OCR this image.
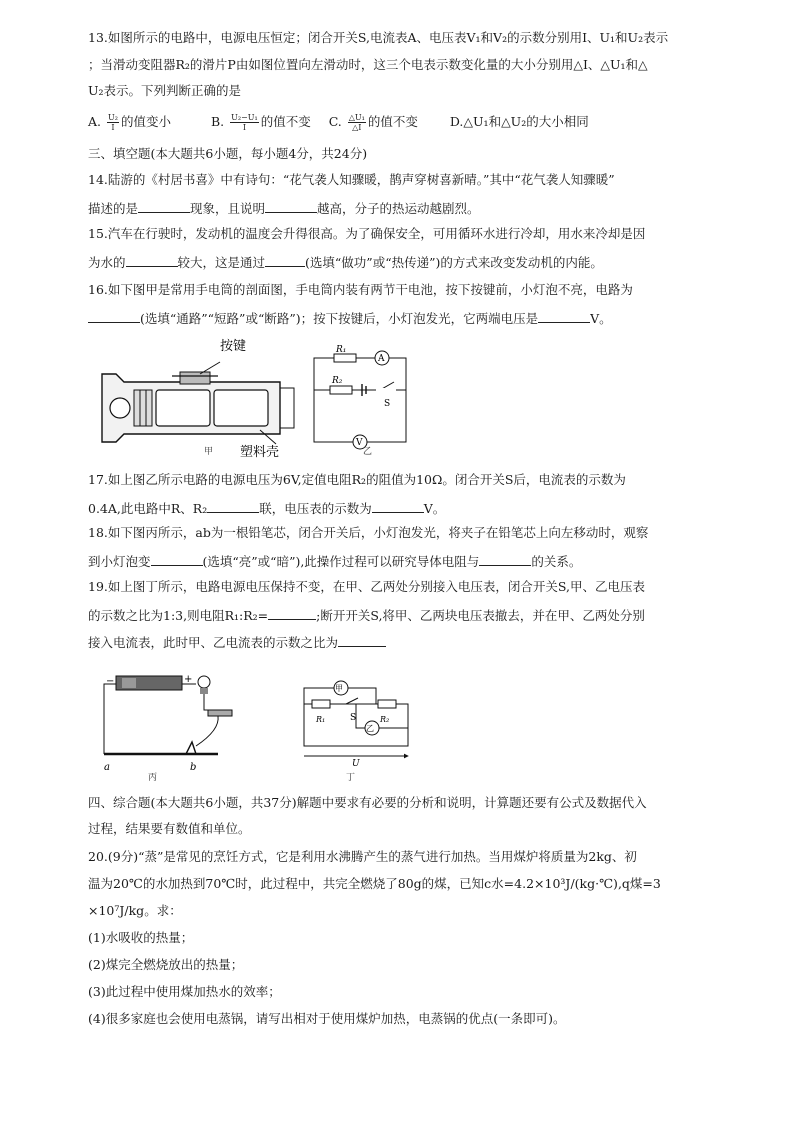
13.如图所示的电路中，电源电压恒定；闭合开关S,电流表A、电压表V₁和V₂的示数分别用I、U₁和U₂表示
；当滑动变阻器R₂的滑片P由如图位置向左滑动时，这三个电表示数变化量的大小分别用△I、△U₁和△
U₂表示。下列判断正确的是
A. $\frac{\text{U₂}}{I}$ 的值变小	B. $\frac{\text{U₂−U₁}}{I}$ 的值不变 C. $\frac{\text{△U₁}}{\triangle I}$ 的值不变	D.△U₁和△U₂的大小相同
三、填空题(本大题共6小题，每小题4分，共24分)
14.陆游的《村居书喜》中有诗句：“花气袭人知骤暖，鹊声穿树喜新晴。”其中“花气袭人知骤暖”
描述的是	现象，且说明	越高，分子的热运动越剧烈。
15.汽车在行驶时，发动机的温度会升得很高。为了确保安全，可用循环水进行冷却，用水来冷却是因
为水的	较大，这是通过	(选填“做功”或“热传递”)的方式来改变发动机的内能。
16.如下图甲是常用手电筒的剖面图，手电筒内装有两节干电池，按下按键前，小灯泡不亮，电路为
(选填“通路”“短路”或“断路”)；按下按键后，小灯泡发光，它两端电压是	V。
按键
塑料壳
R₁
A
R₂
S
V
甲	乙
17.如上图乙所示电路的电源电压为6V,定值电阻R₂的阻值为10Ω。闭合开关S后，电流表的示数为
0.4A,此电路中R、R₂	联，电压表的示数为	V。
18.如下图丙所示，ab为一根铅笔芯，闭合开关后，小灯泡发光，将夹子在铅笔芯上向左移动时，观察
到小灯泡变	(选填“亮”或“暗”),此操作过程可以研究导体电阻与	的关系。
19.如上图丁所示，电路电源电压保持不变，在甲、乙两处分别接入电压表，闭合开关S,甲、乙电压表
的示数之比为1:3,则电阻R₁:R₂=	;断开开关S,将甲、乙两块电压表撤去，并在甲、乙两处分别
接入电流表，此时甲、乙电流表的示数之比为
−	+
a	b
甲
R₁	S	R₂
乙
U
丙	丁
四、综合题(本大题共6小题，共37分)解题中要求有必要的分析和说明，计算题还要有公式及数据代入
过程，结果要有数值和单位。
20.(9分)“蒸”是常见的烹饪方式，它是利用水沸腾产生的蒸气进行加热。当用煤炉将质量为2kg、初
温为20℃的水加热到70℃时，此过程中，共完全燃烧了80g的煤，已知c水=4.2×10³J/(kg·℃),q煤=3
×10⁷J/kg。求：
(1)水吸收的热量；
(2)煤完全燃烧放出的热量；
(3)此过程中使用煤加热水的效率；
(4)很多家庭也会使用电蒸锅，请写出相对于使用煤炉加热，电蒸锅的优点(一条即可)。
